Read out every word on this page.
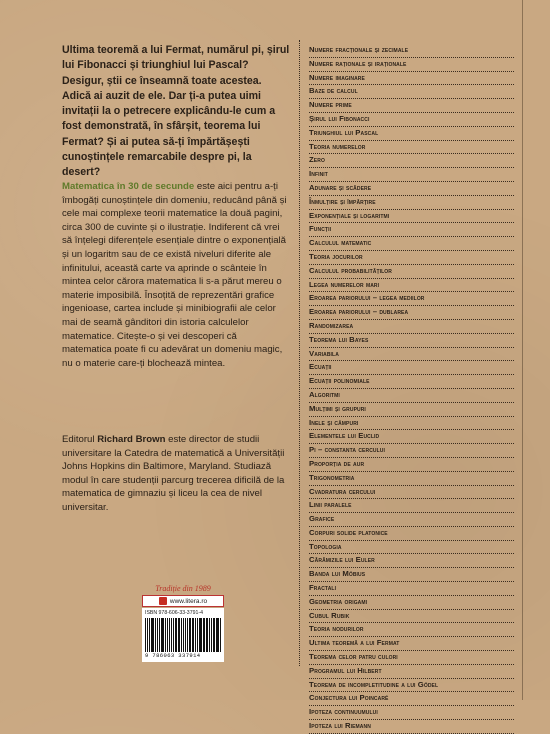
Ultima teoremă a lui Fermat, numărul pi, șirul lui Fibonacci și triunghiul lui Pascal? Desigur, știi ce înseamnă toate acestea. Adică ai auzit de ele. Dar ți-a putea uimi invitații la o petrecere explicându-le cum a fost demonstrată, în sfârșit, teorema lui Fermat? Și ai putea să-ți împărtășești cunoștințele remarcabile despre pi, la desert?

Matematica în 30 de secunde este aici pentru a-ți îmbogăți cunoștințele din domeniu, reducând până și cele mai complexe teorii matematice la două pagini, circa 300 de cuvinte și o ilustrație. Indiferent că vrei să înțelegi diferențele esențiale dintre o exponențială și un logaritm sau de ce există niveluri diferite ale infinitului, această carte va aprinde o scânteie în mintea celor cărora matematica li s-a părut mereu o materie imposibilă. Însoțită de reprezentări grafice ingenioase, cartea include și minibiografii ale celor mai de seamă gânditori din istoria calculelor matematice. Citește-o și vei descoperi că matematica poate fi cu adevărat un domeniu magic, nu o materie care-ți blochează mintea.

Editorul Richard Brown este director de studii universitare la Catedra de matematică a Universității Johns Hopkins din Baltimore, Maryland. Studiază modul în care studenții parcurg trecerea dificilă de la matematica de gimnaziu și liceu la cea de nivel universitar.

Numere fracționale și zecimale
Numere raționale și iraționale
Numere imaginare
Baze de calcul
Numere prime
Șirul lui Fibonacci
Triunghiul lui Pascal
Teoria numerelor
Zero
Infinit
Adunare și scădere
Înmulțire și împărțire
Exponențiale și logaritmi
Funcții
Calculul matematic
Teoria jocurilor
Calculul probabilităților
Legea numerelor mari
Eroarea pariorului – legea mediilor
Eroarea pariorului – dublarea
Randomizarea
Teorema lui Bayes
Variabila
Ecuații
Ecuații polinomiale
Algoritmi
Mulțimi și grupuri
Inele și câmpuri
Elementele lui Euclid
Pi – constanta cercului
Proporția de aur
Trigonometria
Cvadratura cercului
Linii paralele
Grafice
Corpuri solide platonice
Topologia
Cărămizile lui Euler
Banda lui Möbius
Fractali
Geometria origami
Cubul Rubik
Teoria nodurilor
Ultima teoremă a lui Fermat
Teorema celor patru culori
Programul lui Hilbert
Teorema de incompletitudine a lui Gödel
Conjectura lui Poincaré
Ipoteza continuumului
Ipoteza lui Riemann
Tradiție din 1989
www.litera.ro
ISBN 978-606-33-3791-4
9 786063 337914
